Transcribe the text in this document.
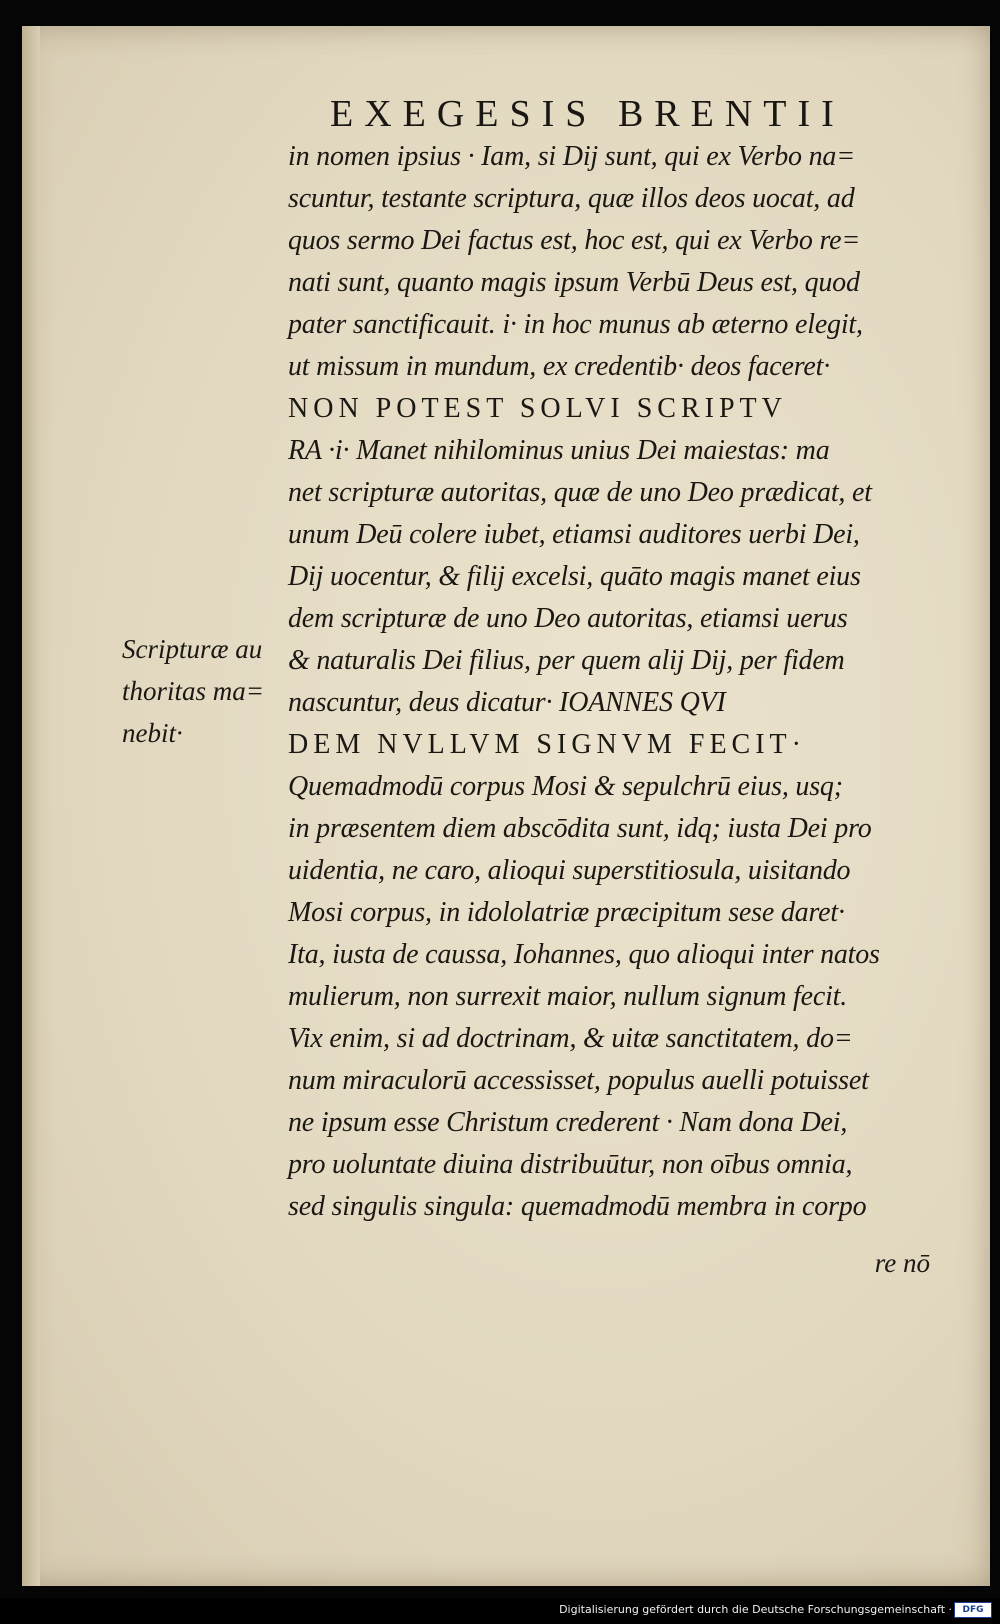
EXEGESIS BRENTII
in nomen ipsius · Iam, si Dij sunt, qui ex Verbo na=
scuntur, testante scriptura, quæ illos deos uocat, ad
quos sermo Dei factus est, hoc est, qui ex Verbo re=
nati sunt, quanto magis ipsum Verbū Deus est, quod
pater sanctificauit. i· in hoc munus ab æterno elegit,
ut missum in mundum, ex credentib· deos faceret·
NON POTEST SOLVI SCRIPTV
RA ·i· Manet nihilominus unius Dei maiestas: ma
net scripturæ autoritas, quæ de uno Deo prædicat, et
unum Deū colere iubet, etiamsi auditores uerbi Dei,
Dij uocentur, & filij excelsi, quāto magis manet eius
dem scripturæ de uno Deo autoritas, etiamsi uerus
& naturalis Dei filius, per quem alij Dij, per fidem
nascuntur, deus dicatur· IOANNES QVI
DEM NVLLVM SIGNVM FECIT·
Quemadmodū corpus Mosi & sepulchrū eius, usq;
in præsentem diem abscōdita sunt, idq; iusta Dei pro
uidentia, ne caro, alioqui superstitiosula, uisitando
Mosi corpus, in idololatriæ præcipitum sese daret·
Ita, iusta de caussa, Iohannes, quo alioqui inter natos
mulierum, non surrexit maior, nullum signum fecit.
Vix enim, si ad doctrinam, & uitæ sanctitatem, do=
num miraculorū accessisset, populus auelli potuisset
ne ipsum esse Christum crederent · Nam dona Dei,
pro uoluntate diuina distribuūtur, non oībus omnia,
sed singulis singula: quemadmodū membra in corpo
Scripturæ au
thoritas ma=
nebit·
re nō
Digitalisierung gefördert durch die Deutsche Forschungsgemeinschaft ·	DFG
